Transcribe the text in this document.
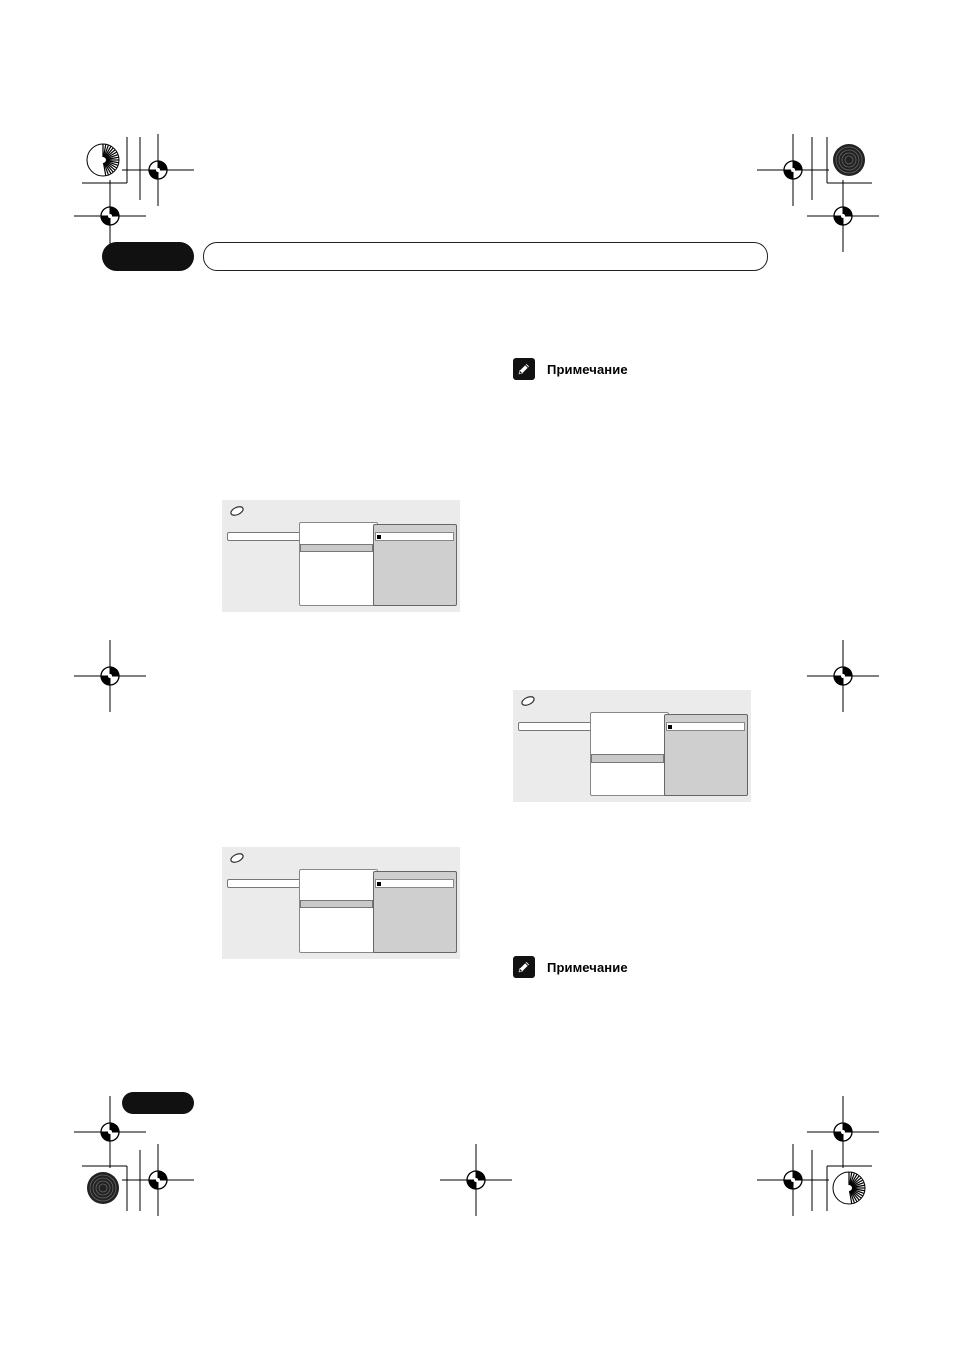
Примечание
Примечание
